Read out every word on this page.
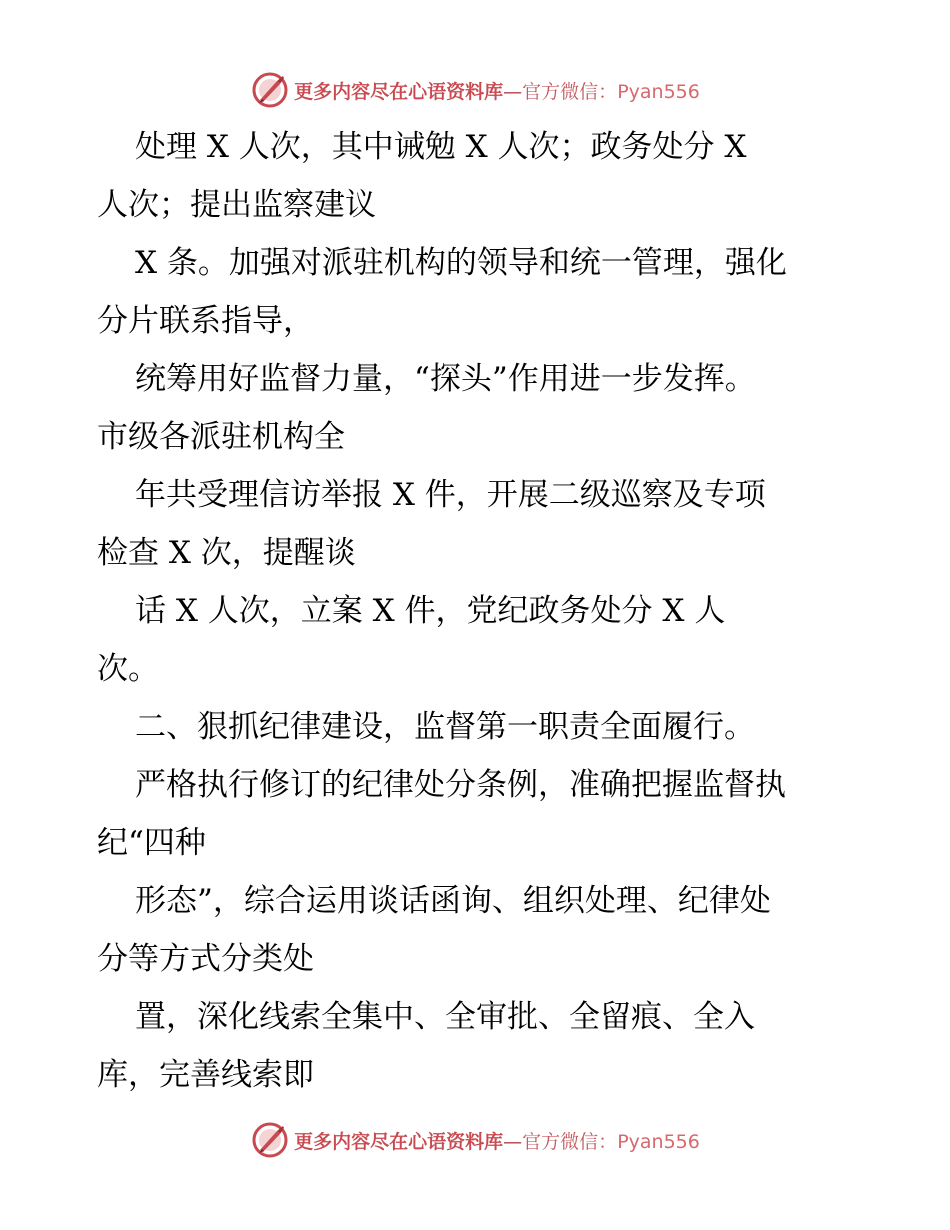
更多内容尽在心语资料库—官方微信：Pyan556
处理 X 人次，其中诫勉 X 人次；政务处分 X
人次；提出监察建议
X 条。加强对派驻机构的领导和统一管理，强化
分片联系指导，
统筹用好监督力量，“探头”作用进一步发挥。
市级各派驻机构全
年共受理信访举报 X 件，开展二级巡察及专项
检查 X 次，提醒谈
话 X 人次，立案 X 件，党纪政务处分 X 人
次。
二、狠抓纪律建设，监督第一职责全面履行。
严格执行修订的纪律处分条例，准确把握监督执
纪“四种
形态”，综合运用谈话函询、组织处理、纪律处
分等方式分类处
置，深化线索全集中、全审批、全留痕、全入
库，完善线索即
更多内容尽在心语资料库—官方微信：Pyan556
